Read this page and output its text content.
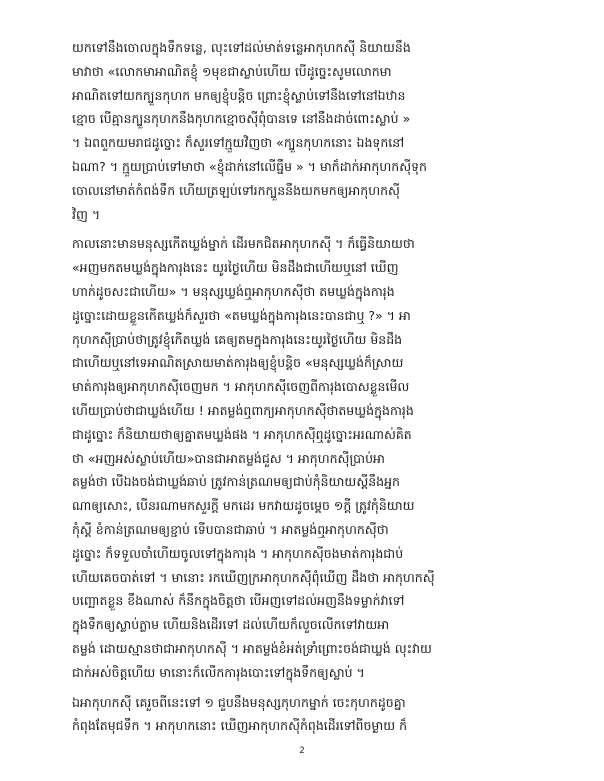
យកទៅនឹងចោលក្នុងទឹកទន្លេ, លុះទៅដល់មាត់ទន្លេអាកុហកស៊ី និយាយនឹង
មាវាថា «លោកមាអាណិតខ្ញុំ ១មុខជាស្លាប់ហើយ បើដូច្នេះសូមលោកមា
អាណិតទៅយកក្បួនកុហក មកឲ្យខ្ញុំបន្តិច ព្រោះខ្ញុំស្លាប់ទៅនឹងទៅនៅឯឋាន
ខ្មោច បើគ្មានក្បួនកុហកនឹងកុហកខ្មោចស៊ីពុំបានទេ នៅនឹងដាច់ពោះស្លាប់ »
។ ឯពពួកយមរាជដូច្នោះ ក៏សួរទៅក្មួយវិញថា «ក្បួនកុហកនោះ ឯងទុកនៅ
ឯណា? ។ ក្មួយប្រាប់ទៅមាថា «ខ្ញុំដាក់នៅលើធ្នឹម » ។ មាក៏ដាក់អាកុហកស៊ីទុក
ចោលនៅមាត់កំពង់ទឹក ហើយត្រឡប់ទៅរកក្បួននឹងយកមកឲ្យអាកុហកស៊ី
វិញ ។

កាលនោះមានមនុស្សកើតឃ្លង់ម្នាក់ ដើរមកជិតអាកុហកស៊ី ។ ក៏ធ្វើនិយាយថា
«អញមកតមឃ្លង់ក្នុងការុងនេះ យូរថ្ងៃហើយ មិនដឹងជាហើយឬនៅ ឃើញ
ហាក់ដូចសះជាហើយ» ។ មនុស្សឃ្លង់ឮអាកុហកស៊ីថា តមឃ្លង់ក្នុងការុង
ដូច្នោះដោយខ្លួនកើតឃ្លង់ក៏សួរថា «តមឃ្លង់ក្នុងការុងនេះបានជាឬ ?» ។ អា
កុហកស៊ីប្រាប់ថាត្រូវខ្ញុំកើតឃ្លង់ គេឲ្យតមក្នុងការុងនេះយូរថ្ងៃហើយ មិនដឹង
ជាហើយឬនៅទេអាណិតស្រាយមាត់ការុងឲ្យខ្ញុំបន្តិច «មនុស្សឃ្លង់ក៏ស្រាយ
មាត់ការុងឲ្យអាកុហកស៊ីចេញមក ។ អាកុហកស៊ីចេញពីការុងបោសខ្លួនមើល
ហើយប្រាប់ថាជាឃ្លង់ហើយ ! អាតម្លង់ឮពាក្យអាកុហកស៊ីថាតមឃ្លង់ក្នុងការុង
ជាដូច្នោះ ក៏និយាយថាឲ្យគ្នាតមឃ្លង់ផង ។ អាកុហកស៊ីឮដូច្នោះអរណាស់គិត
ថា «អញអស់ស្លាប់ហើយ»បានជាអាតម្លង់ជួស ។ អាកុហកស៊ីប្រាប់អា
តម្លង់ថា បើឯងចង់ជាឃ្លង់ឆាប់ ត្រូវកាន់ត្រណមឲ្យជាប់កុំនិយាយស្តីនឹងអ្នក
ណាឲ្យសោះ, បើនរណាមកសួរក្តី មកដេរ មកវាយដូចម្តេច ១ក្តី ត្រូវកុំនិយាយ
កុំស្តី ខំកាន់ត្រណមឲ្យខ្ជាប់ ទើបបានជាឆាប់ ។ អាតម្លង់ឮអាកុហកស៊ីថា
ដូច្នោះ ក៏ទទួលចាំហើយចូលទៅក្នុងការុង ។ អាកុហកស៊ីចងមាត់ការុងជាប់
ហើយគេចបាត់ទៅ ។ មានោះ រកឃើញក្រអាកុហកស៊ីពុំឃើញ ដឹងថា អាកុហកស៊ី
បញ្ឆោតខ្លួន ខឹងណាស់ ក៏នឹកក្នុងចិត្តថា បើអញទៅដល់អញនឹងទម្លាក់វាទៅ
ក្នុងទឹកឲ្យស្លាប់ភ្លាម ហើយនិងដើរទៅ ដល់ហើយក៏លួចលើកទៅវាយអា
តម្លង់ ដោយស្មានថាជាអាកុហកស៊ី ។ អាតម្លង់ខំអត់ទ្រាំព្រោះចង់ជាឃ្លង់ លុះវាយ
ជាក់អស់ចិត្តហើយ មានោះក៏លើកការុងបោះទៅក្នុងទឹកឲ្យស្លាប់ ។

ឯអាកុហកស៊ី គេរួចពីនេះទៅ ១ ជួបនឹងមនុស្សកុហកម្នាក់ ចេះកុហកដូចគ្នា
កំពុងតែមុជទឹក ។ អាកុហកនោះ ឃើញអាកុហកស៊ីកំពុងដើរទៅពីចម្ងាយ ក៏

2
